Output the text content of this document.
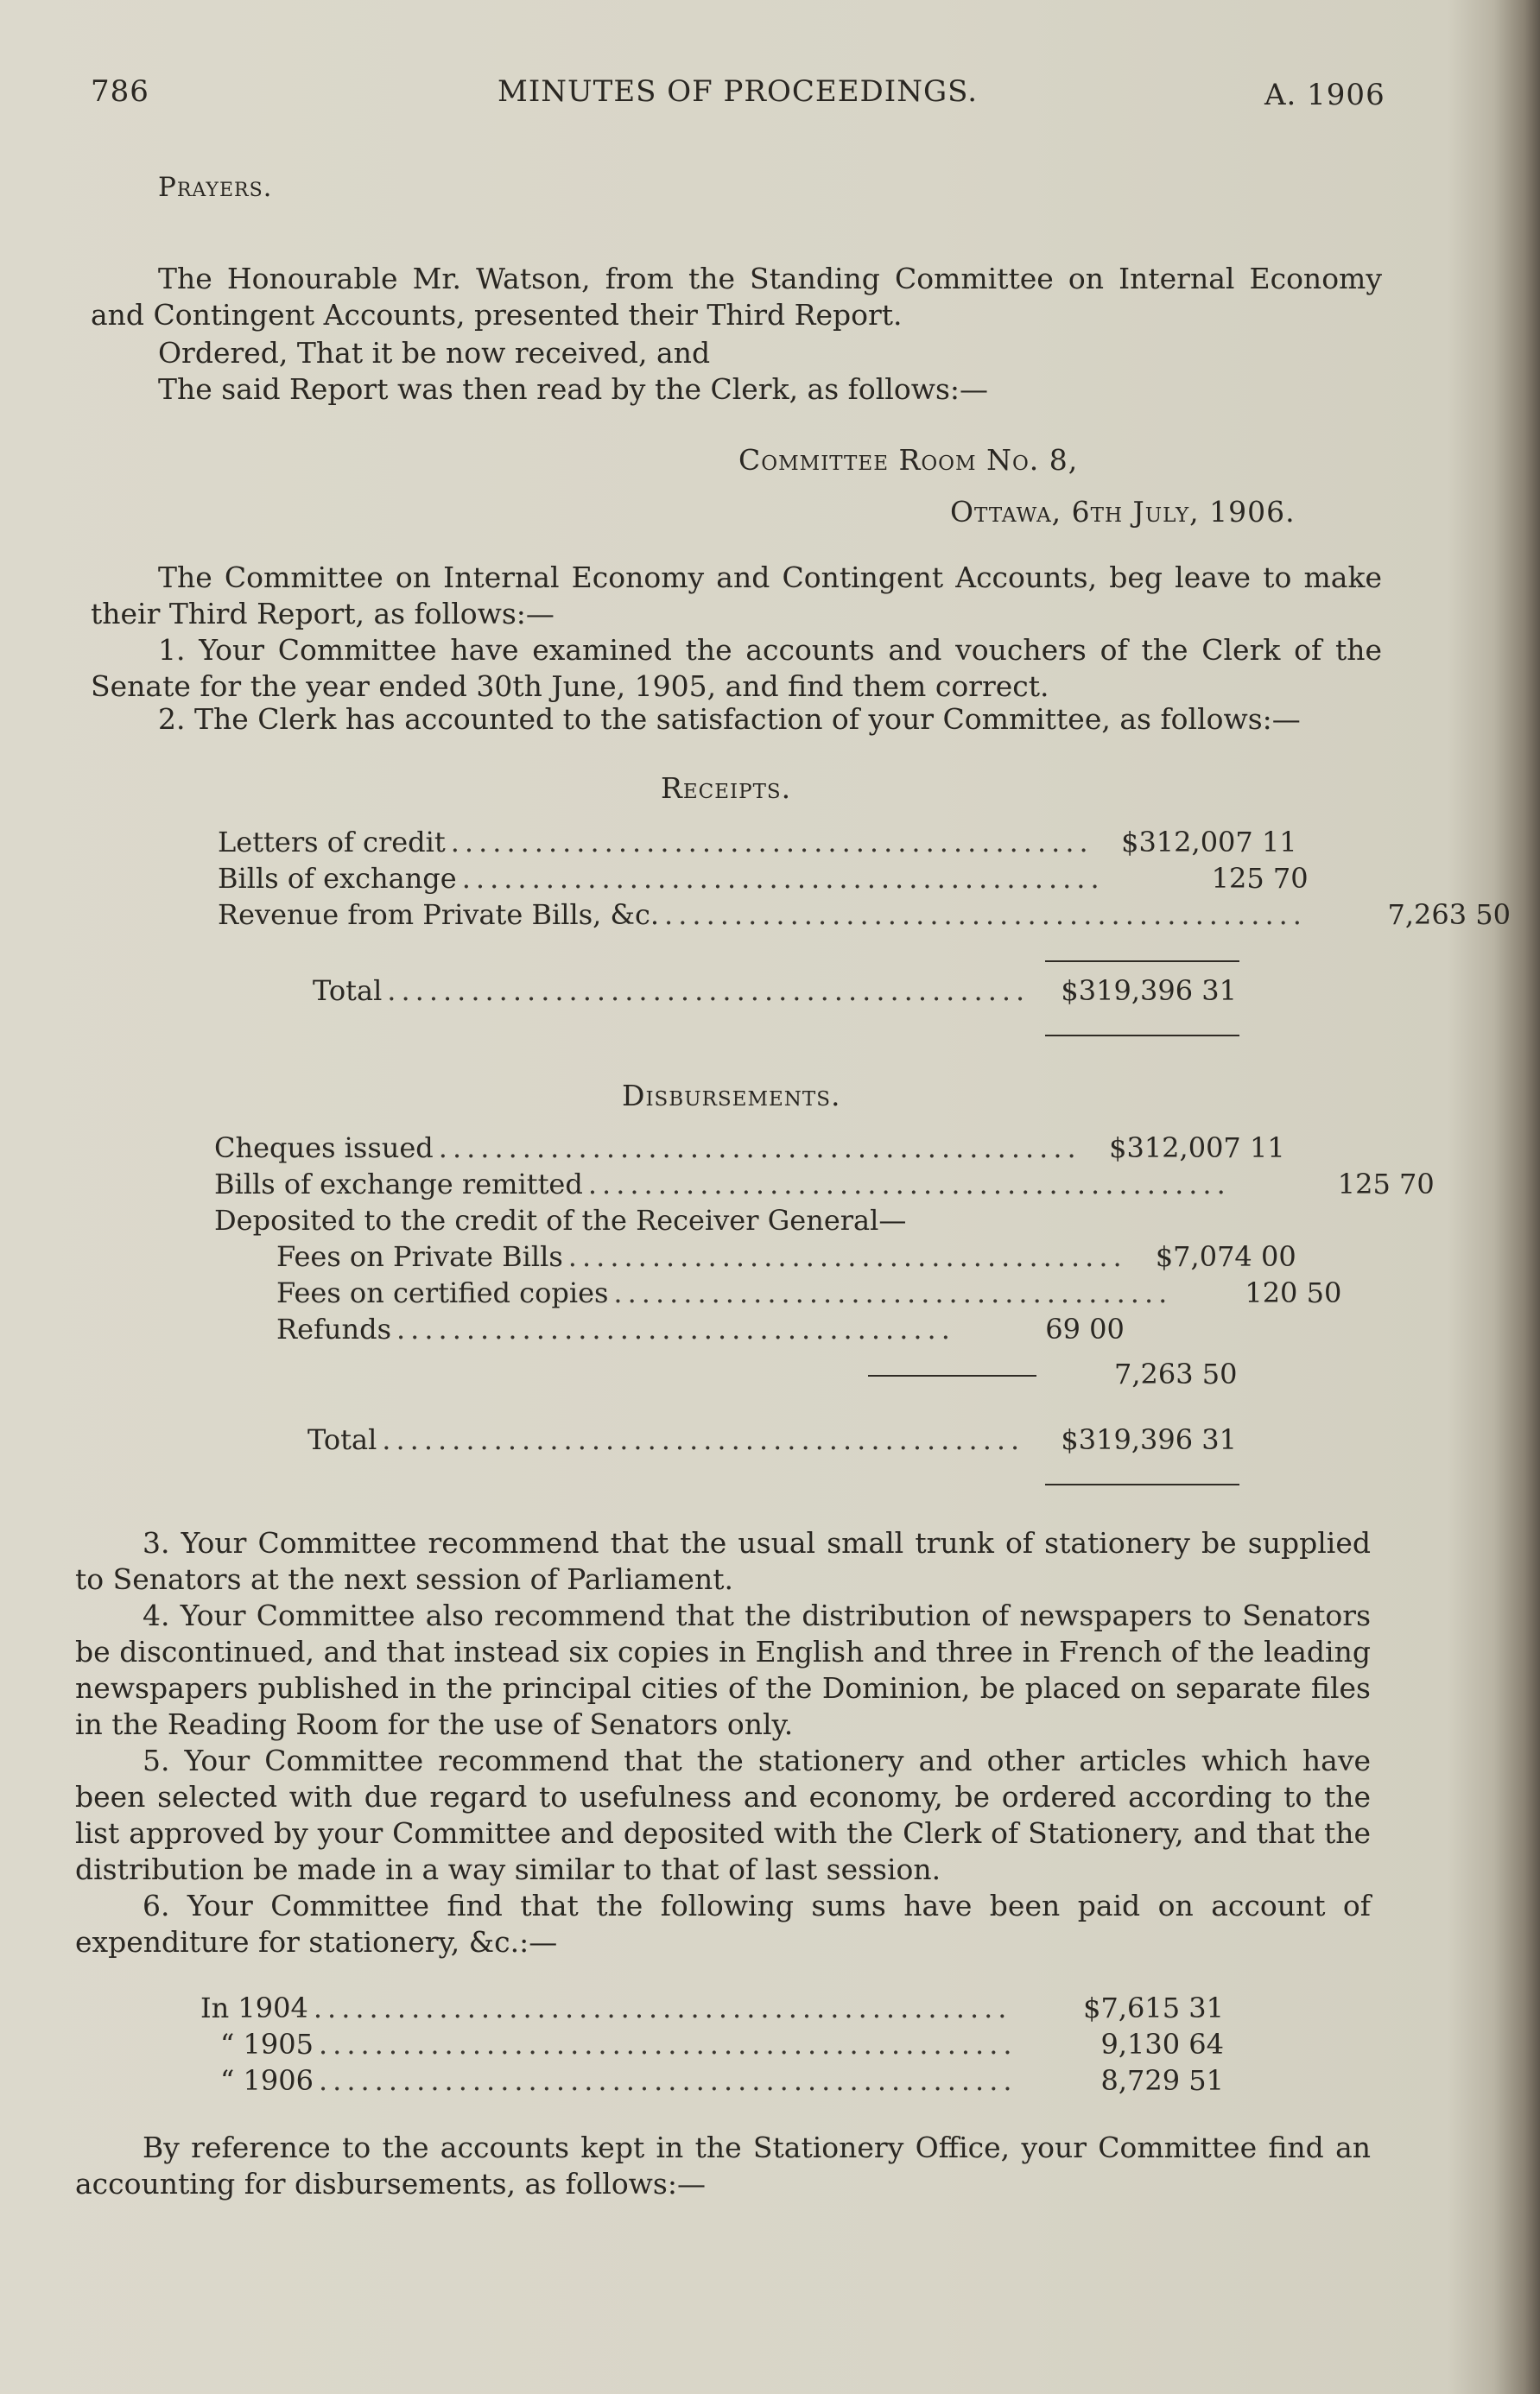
786	MINUTES OF PROCEEDINGS.	A. 1906
Prayers.
The Honourable Mr. Watson, from the Standing Committee on Internal Economy and Contingent Accounts, presented their Third Report.
Ordered, That it be now received, and
The said Report was then read by the Clerk, as follows:—
Committee Room No. 8,
Ottawa, 6th July, 1906.
The Committee on Internal Economy and Contingent Accounts, beg leave to make their Third Report, as follows:—
1. Your Committee have examined the accounts and vouchers of the Clerk of the Senate for the year ended 30th June, 1905, and find them correct.
2. The Clerk has accounted to the satisfaction of your Committee, as follows:—
Receipts.
Letters of credit ..............................................	$312,007 11
Bills of exchange ..............................................	125 70
Revenue from Private Bills, &c. ..............................................	7,263 50
Total ..............................................	$319,396 31
Disbursements.
Cheques issued ..............................................	$312,007 11
Bills of exchange remitted ..............................................	125 70
Deposited to the credit of the Receiver General—
Fees on Private Bills ........................................	$7,074 00
Fees on certified copies ........................................	120 50
Refunds ........................................	69 00
7,263 50
Total ..............................................	$319,396 31
3. Your Committee recommend that the usual small trunk of stationery be supplied to Senators at the next session of Parliament.
4. Your Committee also recommend that the distribution of newspapers to Senators be discontinued, and that instead six copies in English and three in French of the leading newspapers published in the principal cities of the Dominion, be placed on separate files in the Reading Room for the use of Senators only.
5. Your Committee recommend that the stationery and other articles which have been selected with due regard to usefulness and economy, be ordered according to the list approved by your Committee and deposited with the Clerk of Stationery, and that the distribution be made in a way similar to that of last session.
6. Your Committee find that the following sums have been paid on account of expenditure for stationery, &c.:—
In 1904 ..................................................	$7,615 31
“ 1905 ..................................................	9,130 64
“ 1906 ..................................................	8,729 51
By reference to the accounts kept in the Stationery Office, your Committee find an accounting for disbursements, as follows:—
